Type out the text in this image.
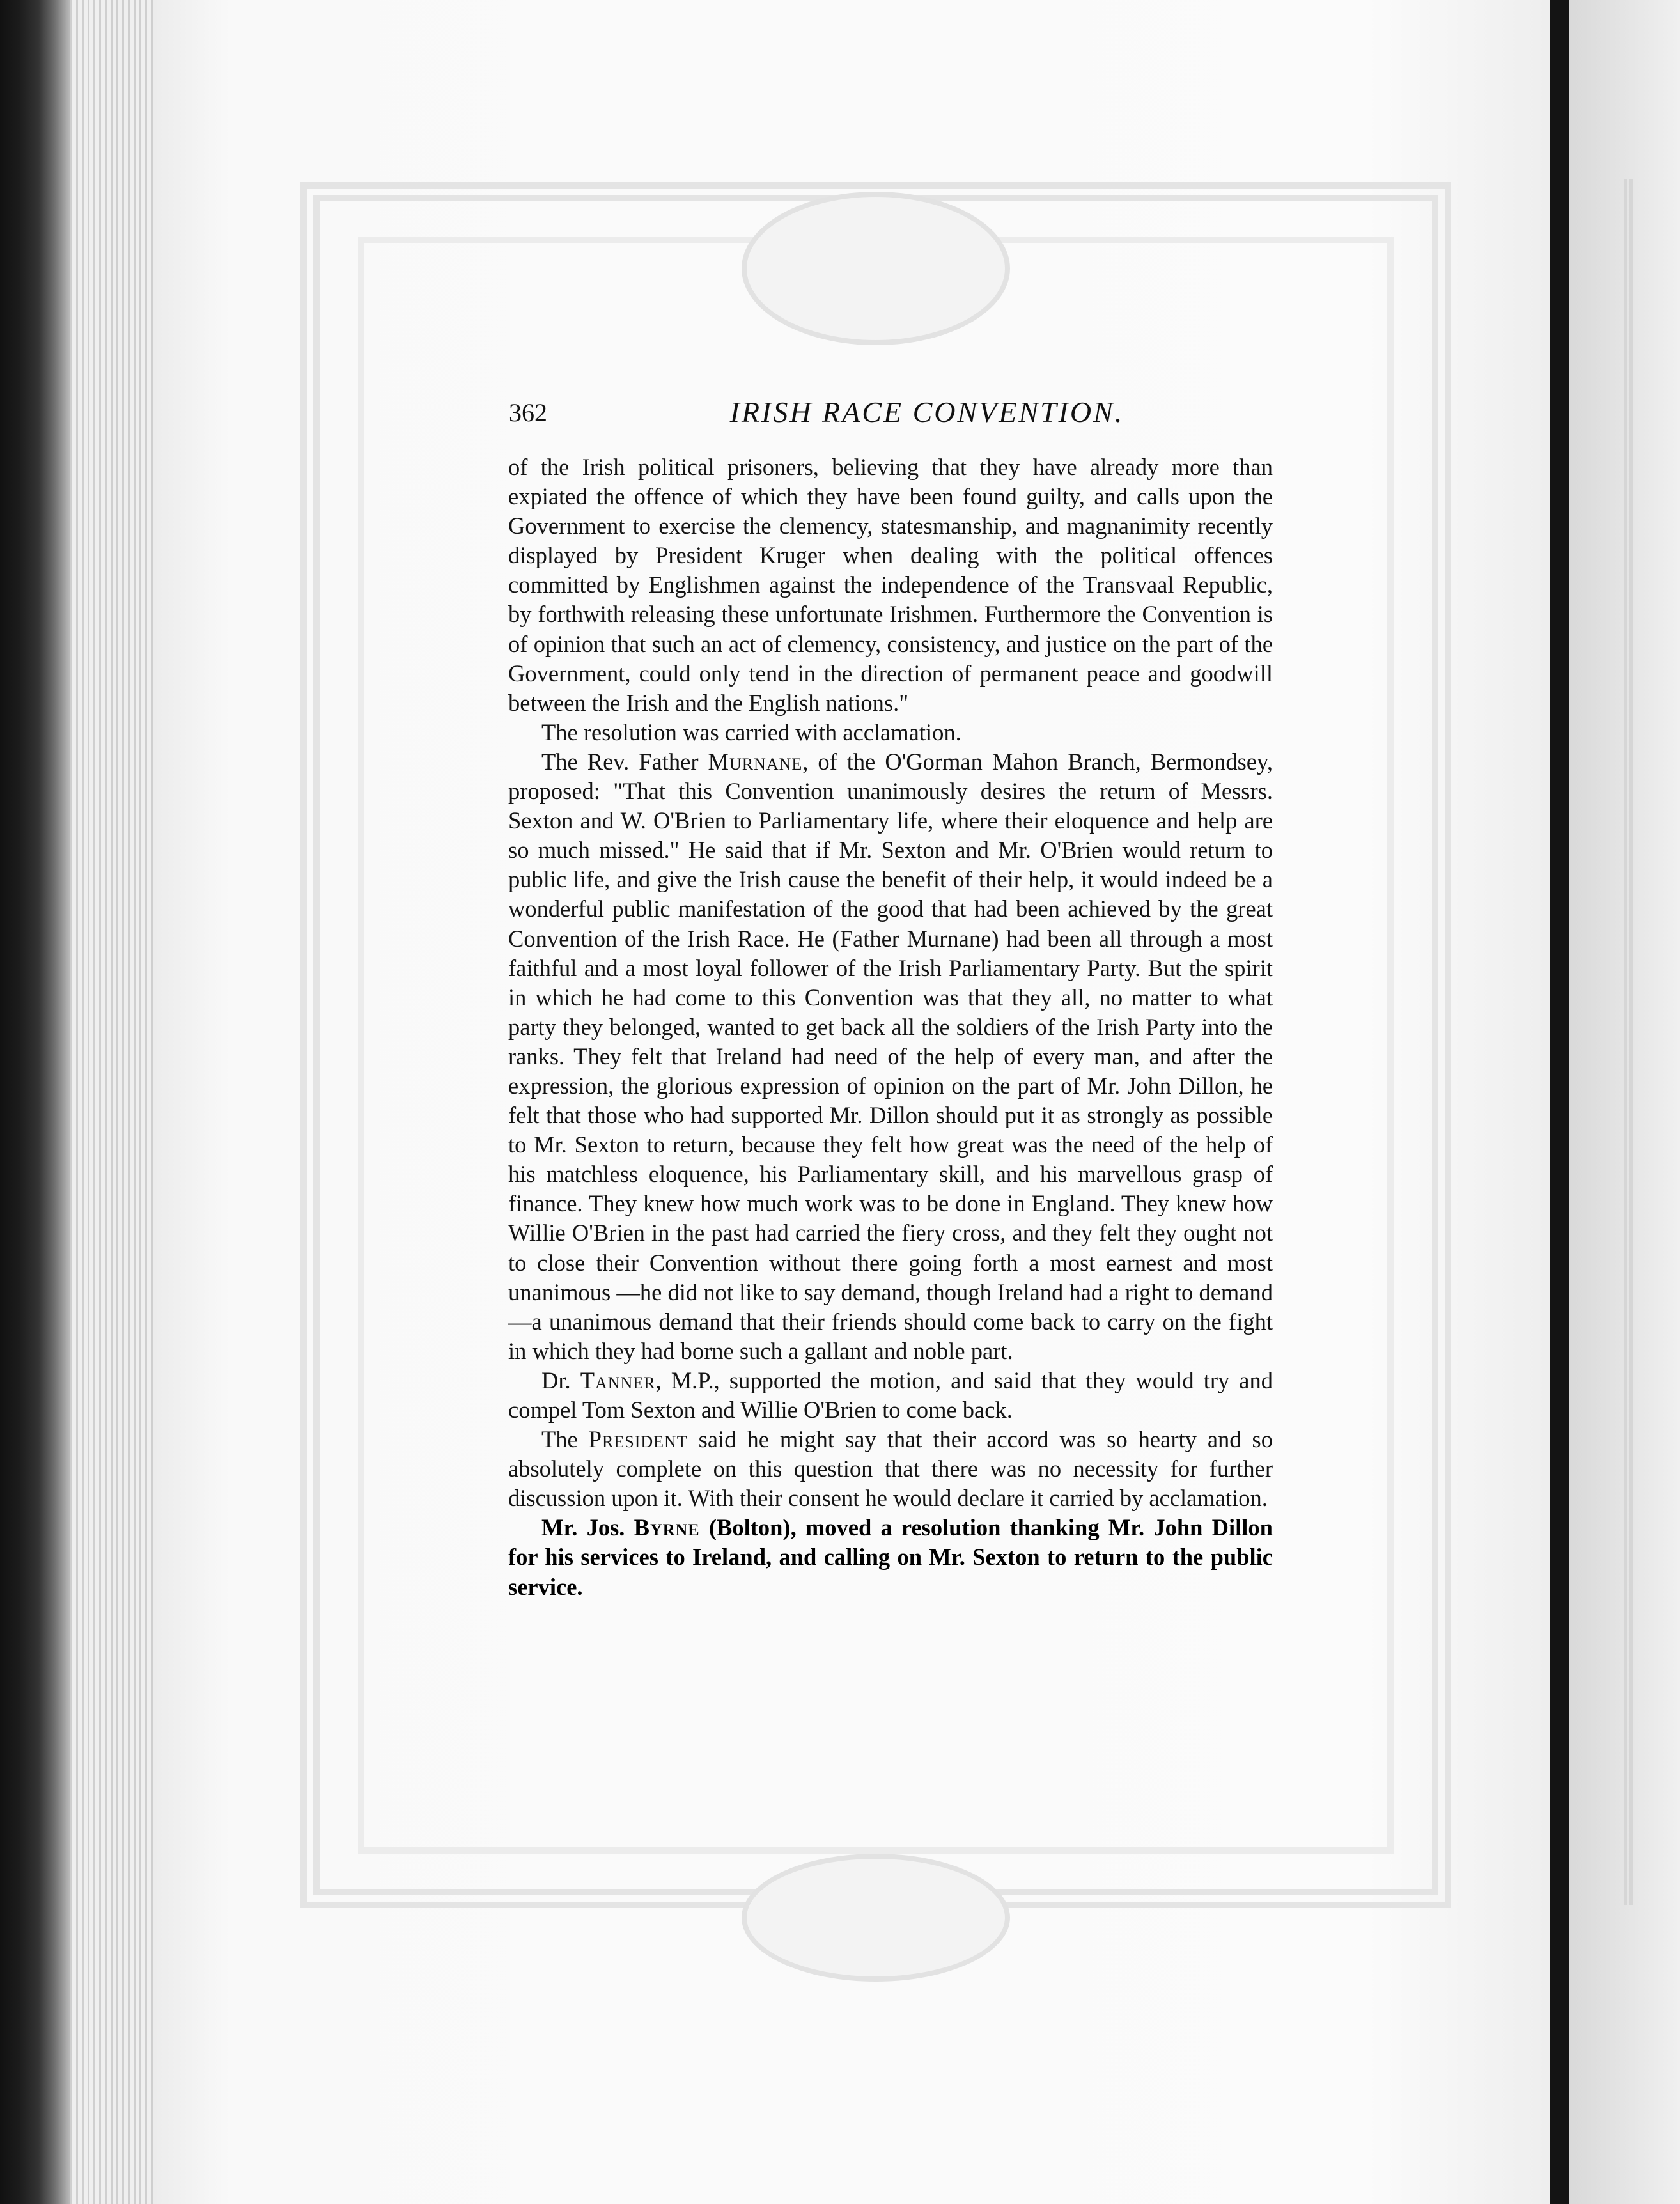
362	IRISH RACE CONVENTION.

of the Irish political prisoners, believing that they have already more than expiated the offence of which they have been found guilty, and calls upon the Government to exercise the clemency, statesmanship, and magnanimity recently displayed by President Kruger when dealing with the political offences committed by Englishmen against the independence of the Transvaal Republic, by forthwith releasing these unfortunate Irishmen. Furthermore the Convention is of opinion that such an act of clemency, consistency, and justice on the part of the Government, could only tend in the direction of permanent peace and goodwill between the Irish and the English nations."

The resolution was carried with acclamation.

The Rev. Father Murnane, of the O'Gorman Mahon Branch, Bermondsey, proposed: "That this Convention unanimously desires the return of Messrs. Sexton and W. O'Brien to Parliamentary life, where their eloquence and help are so much missed." He said that if Mr. Sexton and Mr. O'Brien would return to public life, and give the Irish cause the benefit of their help, it would indeed be a wonderful public manifestation of the good that had been achieved by the great Convention of the Irish Race. He (Father Murnane) had been all through a most faithful and a most loyal follower of the Irish Parliamentary Party. But the spirit in which he had come to this Convention was that they all, no matter to what party they belonged, wanted to get back all the soldiers of the Irish Party into the ranks. They felt that Ireland had need of the help of every man, and after the expression, the glorious expression of opinion on the part of Mr. John Dillon, he felt that those who had supported Mr. Dillon should put it as strongly as possible to Mr. Sexton to return, because they felt how great was the need of the help of his matchless eloquence, his Parliamentary skill, and his marvellous grasp of finance. They knew how much work was to be done in England. They knew how Willie O'Brien in the past had carried the fiery cross, and they felt they ought not to close their Convention without there going forth a most earnest and most unanimous —he did not like to say demand, though Ireland had a right to demand —a unanimous demand that their friends should come back to carry on the fight in which they had borne such a gallant and noble part.

Dr. Tanner, M.P., supported the motion, and said that they would try and compel Tom Sexton and Willie O'Brien to come back.

The President said he might say that their accord was so hearty and so absolutely complete on this question that there was no necessity for further discussion upon it. With their consent he would declare it carried by acclamation.

Mr. Jos. Byrne (Bolton), moved a resolution thanking Mr. John Dillon for his services to Ireland, and calling on Mr. Sexton to return to the public service.
